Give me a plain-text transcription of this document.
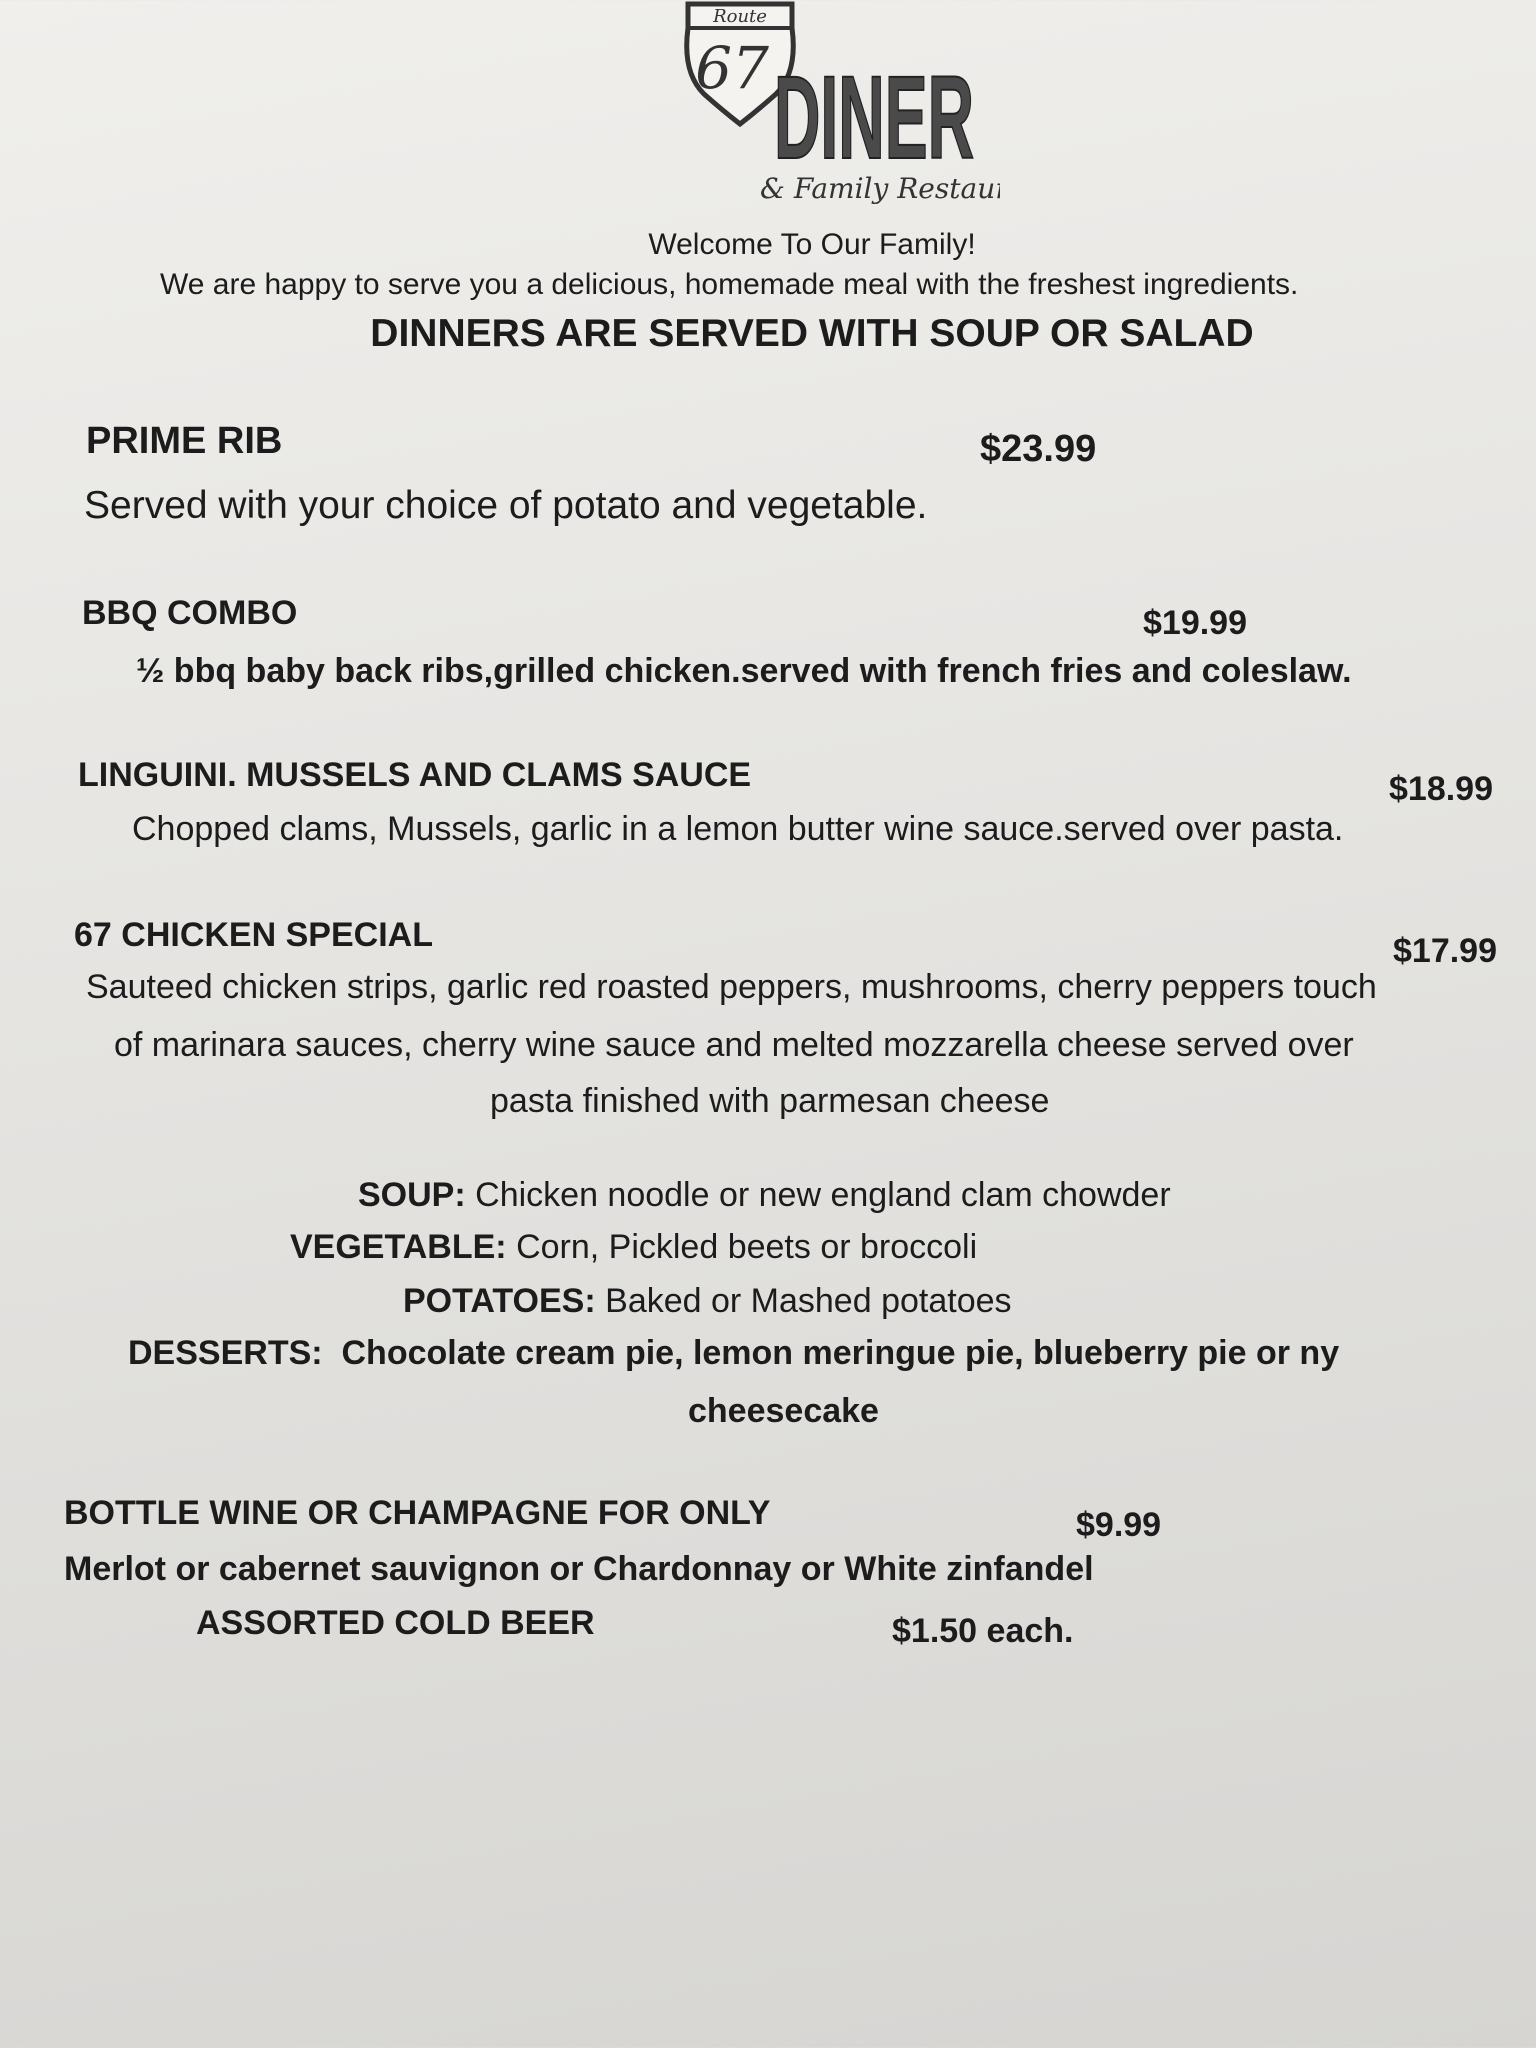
Route
67 DINER
& Family Restau
Welcome To Our Family!
We are happy to serve you a delicious, homemade meal with the freshest ingredients.
DINNERS ARE SERVED WITH SOUP OR SALAD
PRIME RIB	$23.99
Served with your choice of potato and vegetable.
BBQ COMBO	$19.99
½ bbq baby back ribs,grilled chicken.served with french fries and coleslaw.
LINGUINI. MUSSELS AND CLAMS SAUCE	$18.99
Chopped clams, Mussels, garlic in a lemon butter wine sauce.served over pasta.
67 CHICKEN SPECIAL	$17.99
Sauteed chicken strips, garlic red roasted peppers, mushrooms, cherry peppers touch
of marinara sauces, cherry wine sauce and melted mozzarella cheese served over
pasta finished with parmesan cheese
SOUP: Chicken noodle or new england clam chowder
VEGETABLE: Corn, Pickled beets or broccoli
POTATOES: Baked or Mashed potatoes
DESSERTS: Chocolate cream pie, lemon meringue pie, blueberry pie or ny
cheesecake
BOTTLE WINE OR CHAMPAGNE FOR ONLY	$9.99
Merlot or cabernet sauvignon or Chardonnay or White zinfandel
ASSORTED COLD BEER	$1.50 each.
